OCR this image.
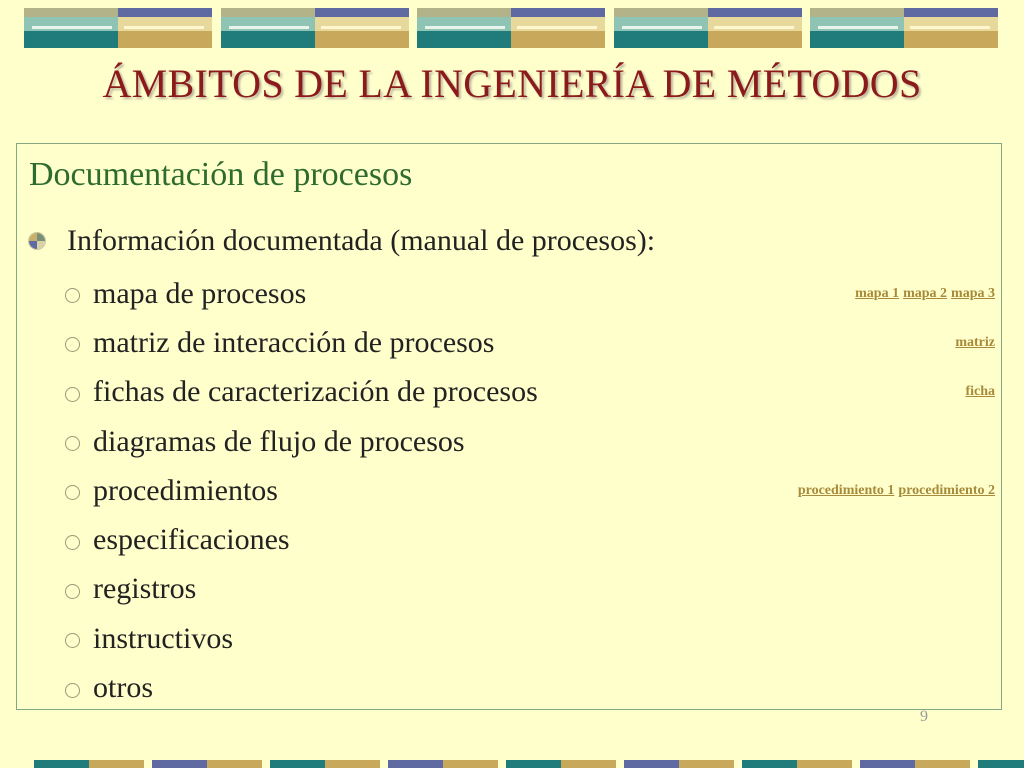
ÁMBITOS DE LA INGENIERÍA DE MÉTODOS
Documentación de procesos
Información documentada (manual de procesos):
mapa de procesos	mapa 1 mapa 2 mapa 3
matriz de interacción de procesos	matriz
fichas de caracterización de procesos	ficha
diagramas de flujo de procesos
procedimientos	procedimiento 1 procedimiento 2
especificaciones
registros
instructivos
otros
9
